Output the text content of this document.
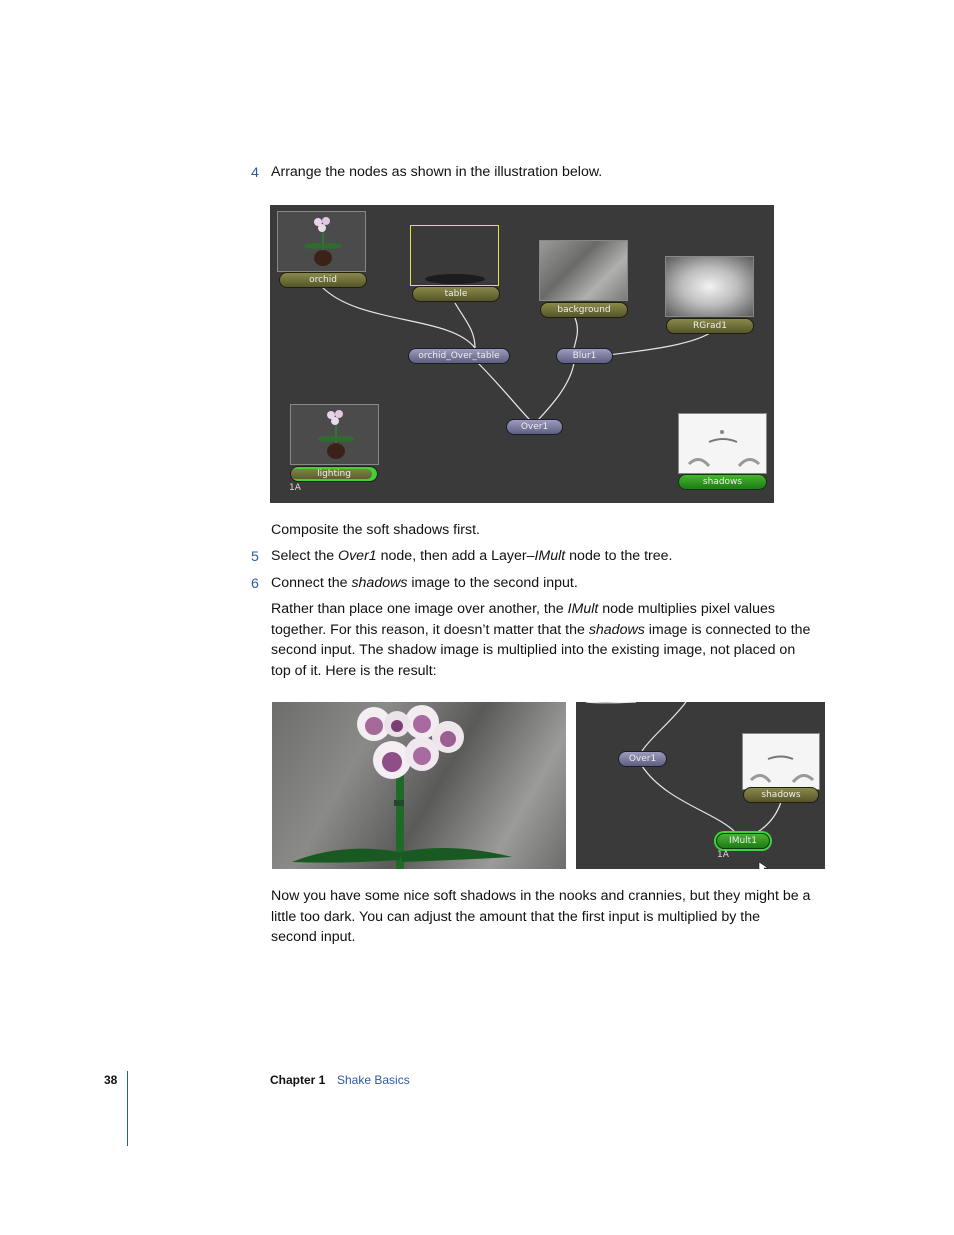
4 Arrange the nodes as shown in the illustration below.
orchid
table
background
RGrad1
orchid_Over_table	Blur1
Over1
lighting
1A
shadows
Composite the soft shadows first.
5 Select the Over1 node, then add a Layer–IMult node to the tree.
6 Connect the shadows image to the second input.
Rather than place one image over another, the IMult node multiplies pixel values
together. For this reason, it doesn’t matter that the shadows image is connected to the
second input. The shadow image is multiplied into the existing image, not placed on
top of it. Here is the result:
Over1
shadows
IMult1
1A
Now you have some nice soft shadows in the nooks and crannies, but they might be a
little too dark. You can adjust the amount that the first input is multiplied by the
second input.
38	Chapter 1 Shake Basics
